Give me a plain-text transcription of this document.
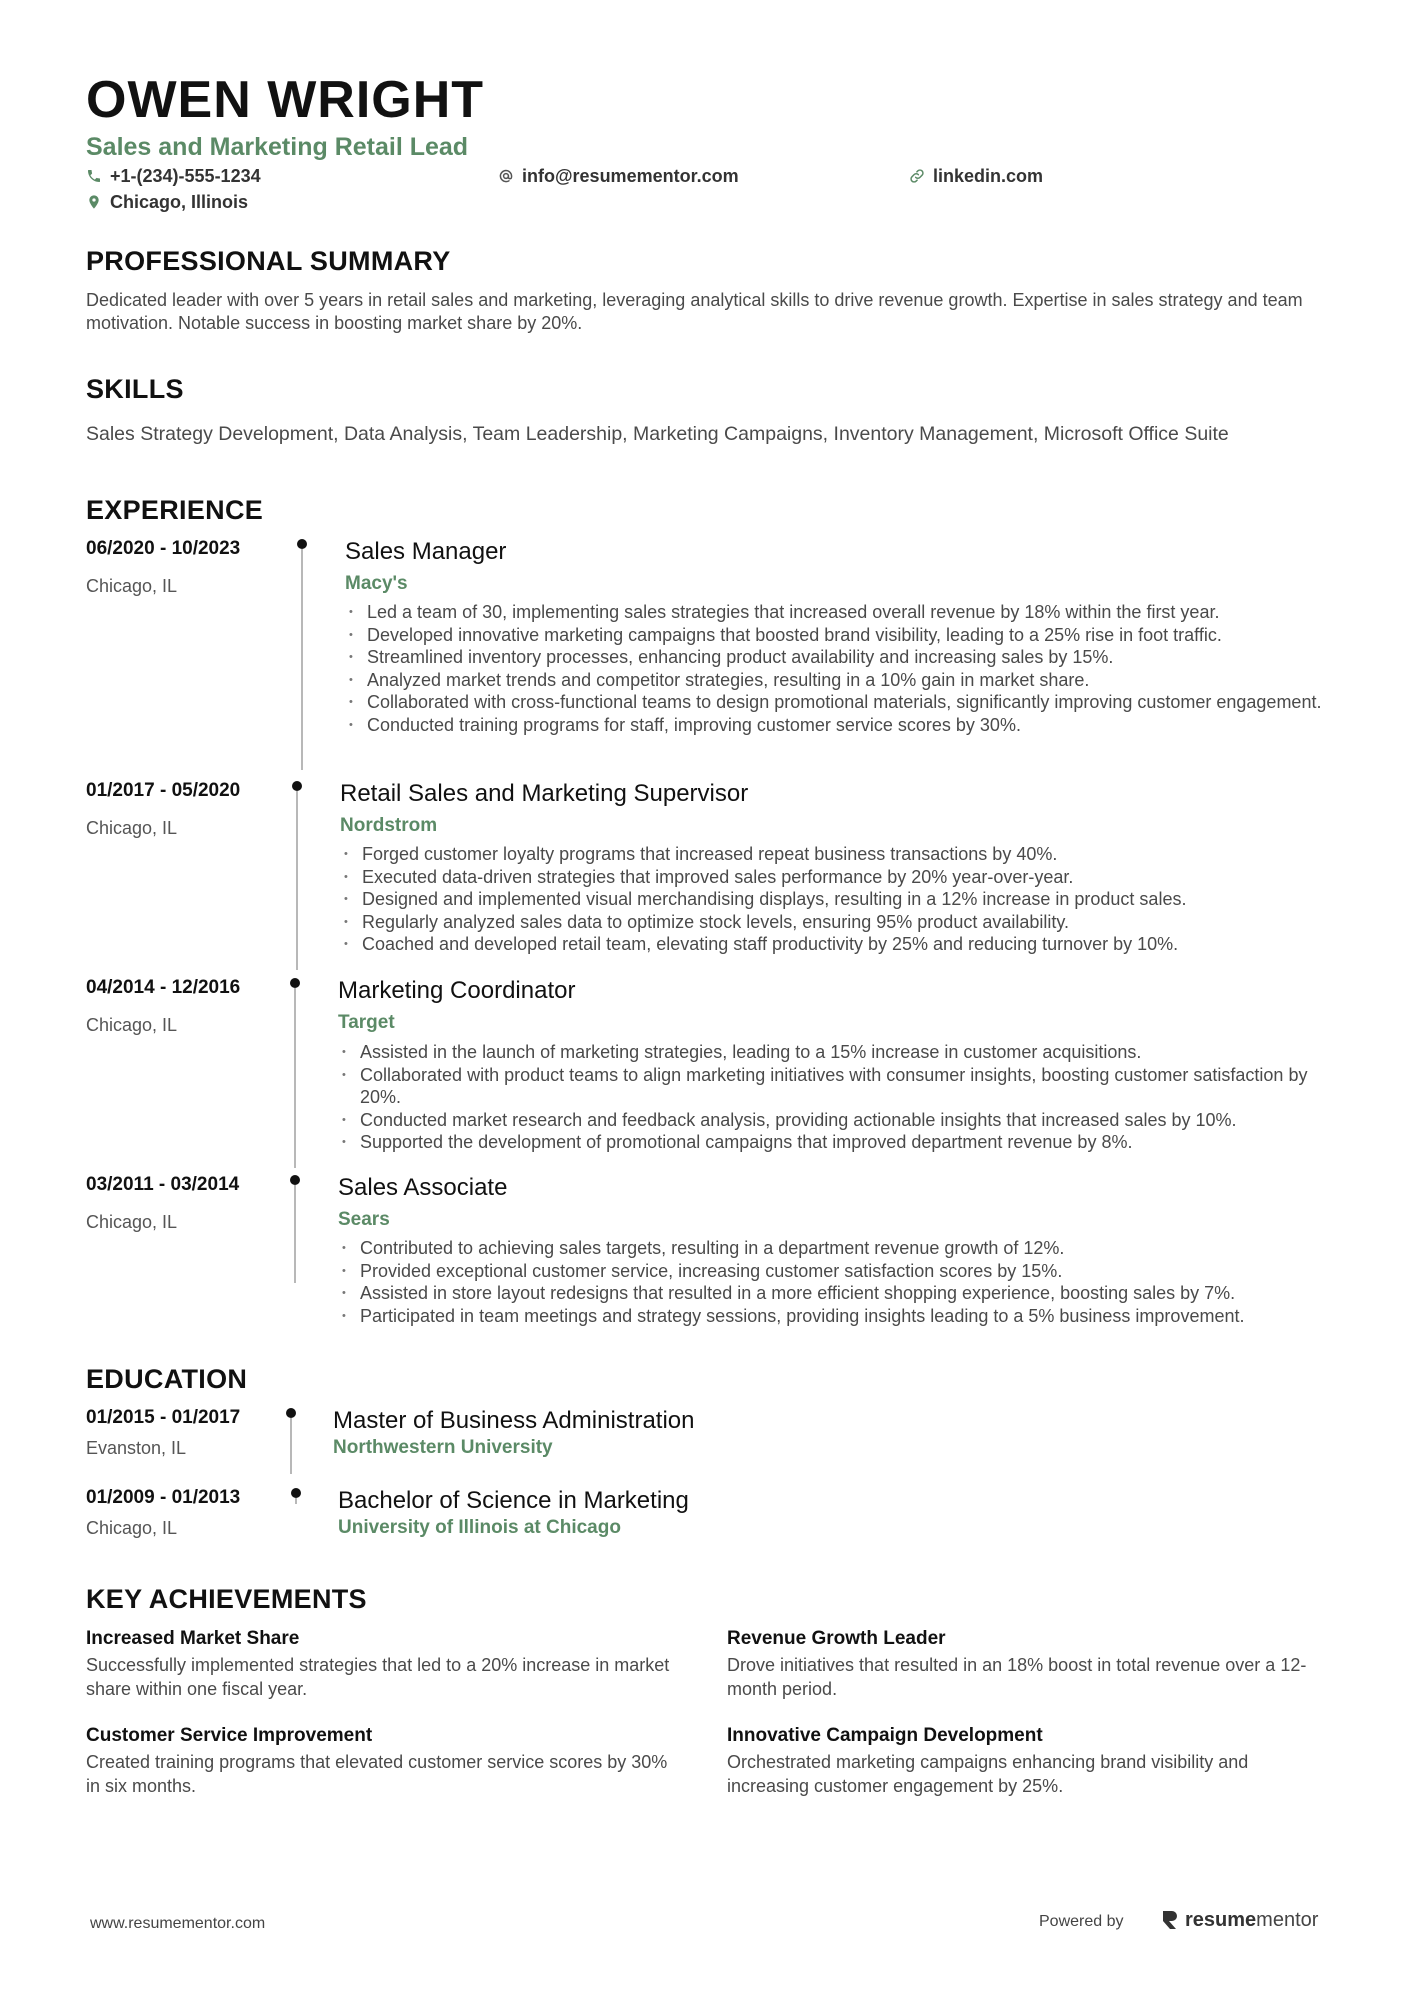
OWEN WRIGHT
Sales and Marketing Retail Lead
+1-(234)-555-1234	info@resumementor.com	linkedin.com
Chicago, Illinois
PROFESSIONAL SUMMARY
Dedicated leader with over 5 years in retail sales and marketing, leveraging analytical skills to drive revenue growth. Expertise in sales strategy and team motivation. Notable success in boosting market share by 20%.
SKILLS
Sales Strategy Development, Data Analysis, Team Leadership, Marketing Campaigns, Inventory Management, Microsoft Office Suite
EXPERIENCE
06/2020 - 10/2023
Chicago, IL
Sales Manager
Macy's
• Led a team of 30, implementing sales strategies that increased overall revenue by 18% within the first year.
• Developed innovative marketing campaigns that boosted brand visibility, leading to a 25% rise in foot traffic.
• Streamlined inventory processes, enhancing product availability and increasing sales by 15%.
• Analyzed market trends and competitor strategies, resulting in a 10% gain in market share.
• Collaborated with cross-functional teams to design promotional materials, significantly improving customer engagement.
• Conducted training programs for staff, improving customer service scores by 30%.
01/2017 - 05/2020
Chicago, IL
Retail Sales and Marketing Supervisor
Nordstrom
• Forged customer loyalty programs that increased repeat business transactions by 40%.
• Executed data-driven strategies that improved sales performance by 20% year-over-year.
• Designed and implemented visual merchandising displays, resulting in a 12% increase in product sales.
• Regularly analyzed sales data to optimize stock levels, ensuring 95% product availability.
• Coached and developed retail team, elevating staff productivity by 25% and reducing turnover by 10%.
04/2014 - 12/2016
Chicago, IL
Marketing Coordinator
Target
• Assisted in the launch of marketing strategies, leading to a 15% increase in customer acquisitions.
• Collaborated with product teams to align marketing initiatives with consumer insights, boosting customer satisfaction by 20%.
• Conducted market research and feedback analysis, providing actionable insights that increased sales by 10%.
• Supported the development of promotional campaigns that improved department revenue by 8%.
03/2011 - 03/2014
Chicago, IL
Sales Associate
Sears
• Contributed to achieving sales targets, resulting in a department revenue growth of 12%.
• Provided exceptional customer service, increasing customer satisfaction scores by 15%.
• Assisted in store layout redesigns that resulted in a more efficient shopping experience, boosting sales by 7%.
• Participated in team meetings and strategy sessions, providing insights leading to a 5% business improvement.
EDUCATION
01/2015 - 01/2017
Evanston, IL
Master of Business Administration
Northwestern University
01/2009 - 01/2013
Chicago, IL
Bachelor of Science in Marketing
University of Illinois at Chicago
KEY ACHIEVEMENTS
Increased Market Share
Successfully implemented strategies that led to a 20% increase in market share within one fiscal year.
Revenue Growth Leader
Drove initiatives that resulted in an 18% boost in total revenue over a 12-month period.
Customer Service Improvement
Created training programs that elevated customer service scores by 30% in six months.
Innovative Campaign Development
Orchestrated marketing campaigns enhancing brand visibility and increasing customer engagement by 25%.
www.resumementor.com	Powered by	resumementor
